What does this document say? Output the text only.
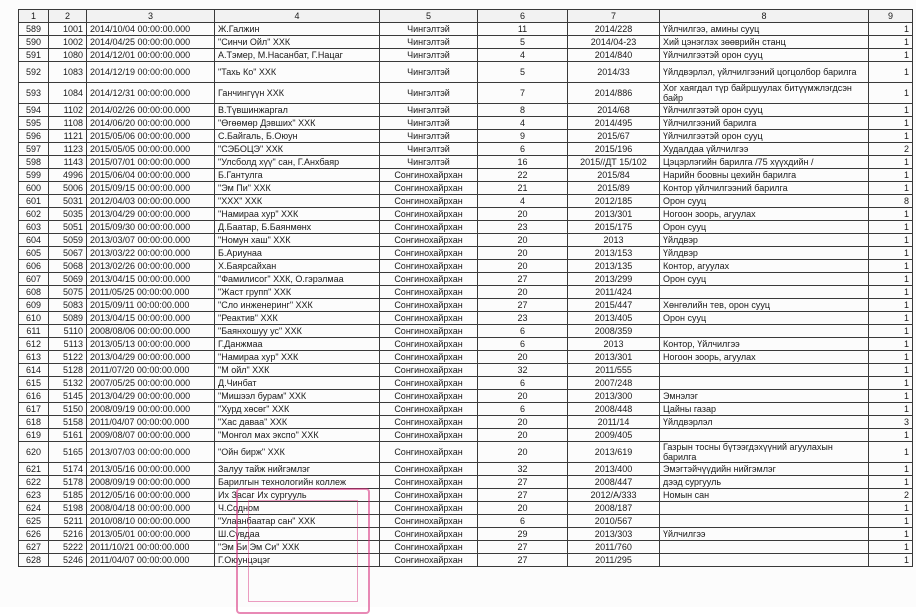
1	2	3	4	5	6	7	8	9
589	1001	2014/10/04 00:00:00.000	Ж.Галжин	Чингэлтэй	11	2014/228	Үйлчилгээ, амины сууц	1
590	1002	2014/04/25 00:00:00.000	"Синчи Ойл" ХХК	Чингэлтэй	5	2014/04-23	Хий цэнэглэх зөөврийн станц	1
591	1080	2014/12/01 00:00:00.000	А.Тэмер, М.Насанбат, Г.Нацаг	Чингэлтэй	4	2014/840	Үйлчилгээтэй орон сууц	1
592	1083	2014/12/19 00:00:00.000	"Тахь Ко" ХХК	Чингэлтэй	5	2014/33	Үйлдвэрлэл, үйлчилгээний цогцолбор барилга	1
593	1084	2014/12/31 00:00:00.000	Ганчингүүн ХХК	Чингэлтэй	7	2014/886	Хог хаягдал түр байршуулах битүүмжлэгдсэн байр	1
594	1102	2014/02/26 00:00:00.000	В.Түвшинжаргал	Чингэлтэй	8	2014/68	Үйлчилгээтэй орон сууц	1
595	1108	2014/06/20 00:00:00.000	"Өгөөмөр Дэвших" ХХК	Чингэлтэй	4	2014/495	Үйлчилгээний барилга	1
596	1121	2015/05/06 00:00:00.000	С.Байгаль, Б.Оюун	Чингэлтэй	9	2015/67	Үйлчилгээтэй орон сууц	1
597	1123	2015/05/05 00:00:00.000	"СЭБОЦЭ" ХХК	Чингэлтэй	6	2015/196	Худалдаа үйлчилгээ	2
598	1143	2015/07/01 00:00:00.000	"Улсболд хүү" сан, Г.Анхбаяр	Чингэлтэй	16	2015//ДТ 15/102	Цэцэрлэгийн барилга /75 хүүхдийн /	1
599	4996	2015/06/04 00:00:00.000	Б.Гантулга	Сонгинохайрхан	22	2015/84	Нарийн боовны цехийн барилга	1
600	5006	2015/09/15 00:00:00.000	"Эм Пи" ХХК	Сонгинохайрхан	21	2015/89	Контор үйлчилгээний барилга	1
601	5031	2012/04/03 00:00:00.000	"ХХХ" ХХК	Сонгинохайрхан	4	2012/185	Орон сууц	8
602	5035	2013/04/29 00:00:00.000	"Намираа хур" ХХК	Сонгинохайрхан	20	2013/301	Ногоон зоорь, агуулах	1
603	5051	2015/09/30 00:00:00.000	Д.Баатар, Б.Баянмөнх	Сонгинохайрхан	23	2015/175	Орон сууц	1
604	5059	2013/03/07 00:00:00.000	"Номун хаш" ХХК	Сонгинохайрхан	20	2013	Үйлдвэр	1
605	5067	2013/03/22 00:00:00.000	Б.Ариунаа	Сонгинохайрхан	20	2013/153	Үйлдвэр	1
606	5068	2013/02/26 00:00:00.000	Х.Баярсайхан	Сонгинохайрхан	20	2013/135	Контор, агуулах	1
607	5069	2013/04/15 00:00:00.000	"Фамилисог" ХХК, О.гэрэлмаа	Сонгинохайрхан	27	2013/299	Орон сууц	1
608	5075	2011/05/25 00:00:00.000	"Жаст групп" ХХК	Сонгинохайрхан	20	2011/424		1
609	5083	2015/09/11 00:00:00.000	"Сло инженеринг" ХХК	Сонгинохайрхан	27	2015/447	Хөнгөлийн тев, орон сууц	1
610	5089	2013/04/15 00:00:00.000	"Реактив" ХХК	Сонгинохайрхан	23	2013/405	Орон сууц	1
611	5110	2008/08/06 00:00:00.000	"Баянхошуу ус" ХХК	Сонгинохайрхан	6	2008/359		1
612	5113	2013/05/13 00:00:00.000	Г.Данжмаа	Сонгинохайрхан	6	2013	Контор, Үйлчилгээ	1
613	5122	2013/04/29 00:00:00.000	"Намираа хур" ХХК	Сонгинохайрхан	20	2013/301	Ногоон зоорь, агуулах	1
614	5128	2011/07/20 00:00:00.000	"М ойл" ХХК	Сонгинохайрхан	32	2011/555		1
615	5132	2007/05/25 00:00:00.000	Д.Чинбат	Сонгинохайрхан	6	2007/248		1
616	5145	2013/04/29 00:00:00.000	"Мишээл бурам" ХХК	Сонгинохайрхан	20	2013/300	Эмнэлэг	1
617	5150	2008/09/19 00:00:00.000	"Хурд хөсөг" ХХК	Сонгинохайрхан	6	2008/448	Цайны газар	1
618	5158	2011/04/07 00:00:00.000	"Хас даваа" ХХК	Сонгинохайрхан	20	2011/14	Үйлдвэрлэл	3
619	5161	2009/08/07 00:00:00.000	"Монгол мах экспо" ХХК	Сонгинохайрхан	20	2009/405		1
620	5165	2013/07/03 00:00:00.000	"Ойн бирж" ХХК	Сонгинохайрхан	20	2013/619	Газрын тосны бүтээгдэхүүний агуулахын барилга	1
621	5174	2013/05/16 00:00:00.000	Залуу тайж нийгэмлэг	Сонгинохайрхан	32	2013/400	Эмэгтэйчүүдийн нийгэмлэг	1
622	5178	2008/09/19 00:00:00.000	Барилгын технологийн коллеж	Сонгинохайрхан	27	2008/447	дээд сургууль	1
623	5185	2012/05/16 00:00:00.000	Их Засаг Их сургууль	Сонгинохайрхан	27	2012/А/333	Номын сан	2
624	5198	2008/04/18 00:00:00.000	Ч.Содном	Сонгинохайрхан	20	2008/187		1
625	5211	2010/08/10 00:00:00.000	"Улаанбаатар сан" ХХК	Сонгинохайрхан	6	2010/567		1
626	5216	2013/05/01 00:00:00.000	Ш.Сүвдаа	Сонгинохайрхан	29	2013/303	Үйлчилгээ	1
627	5222	2011/10/21 00:00:00.000	"Эм Би Эм Си" ХХК	Сонгинохайрхан	27	2011/760		1
628	5246	2011/04/07 00:00:00.000	Г.Оюунцэцэг	Сонгинохайрхан	27	2011/295		1
